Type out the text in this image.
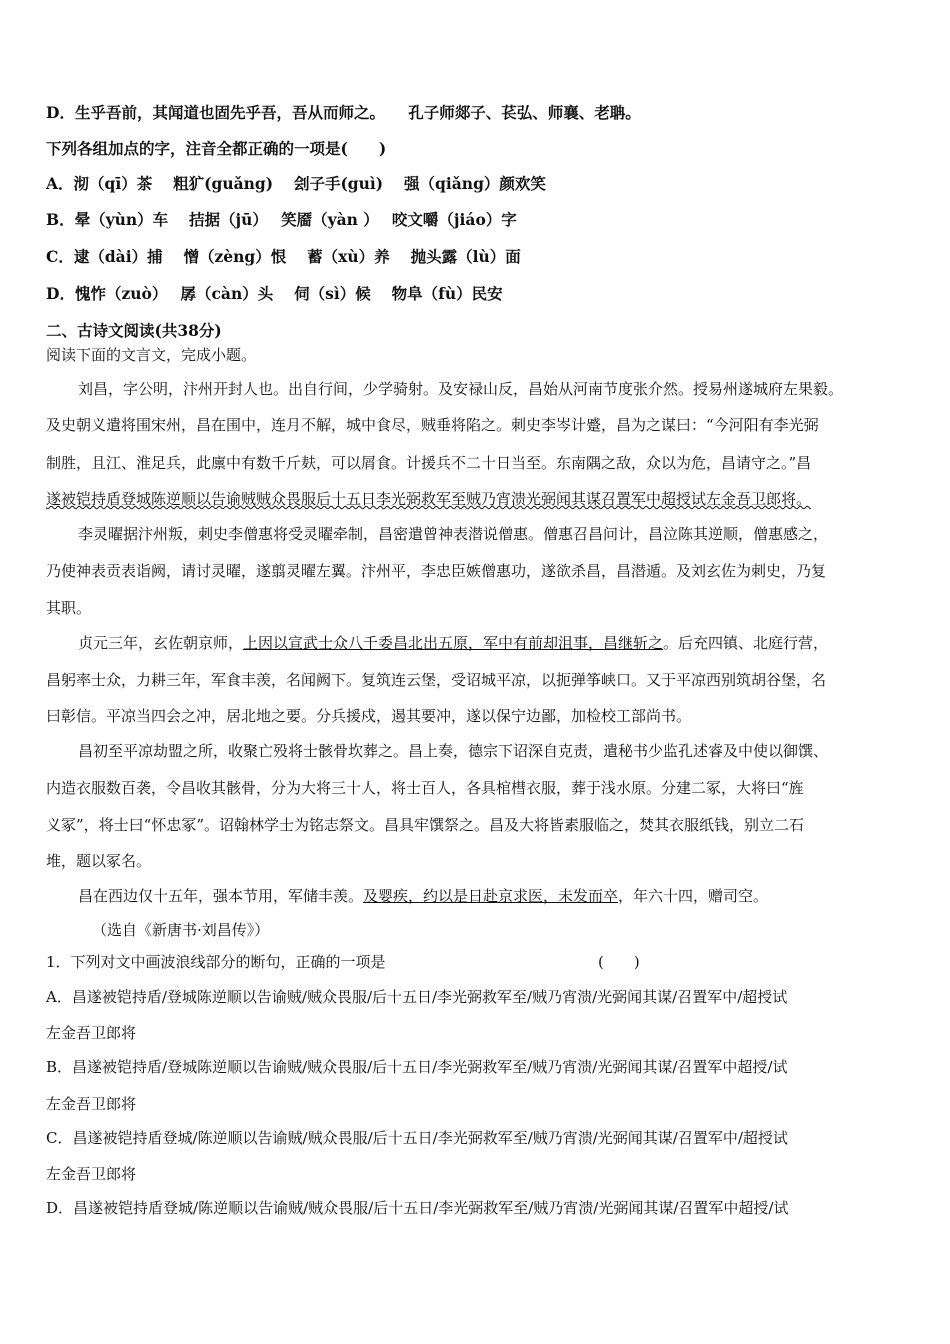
D．生乎吾前，其闻道也固先乎吾，吾从而师之。　　孔子师郯子、苌弘、师襄、老聃。
下列各组加点的字，注音全都正确的一项是(　　)
A．沏（qī）茶　 粗犷(guǎng)　 刽子手(guì)　 强（qiǎng）颜欢笑
B．晕（yùn）车　 拮据（jū）　 笑靥（yàn ）　 咬文嚼（jiáo）字
C．逮（dài）捕　 憎（zèng）恨　 蓄（xù）养　 抛头露（lù）面
D．愧怍（zuò）　 孱（càn）头　 伺（sì）候　 物阜（fù）民安
二、古诗文阅读(共38分)
阅读下面的文言文，完成小题。
刘昌，字公明，汴州开封人也。出自行间，少学骑射。及安禄山反，昌始从河南节度张介然。授易州遂城府左果毅。
及史朝义遣将围宋州，昌在围中，连月不解，城中食尽，贼垂将陷之。刺史李岑计蹙，昌为之谋曰：“今河阳有李光弼
制胜，且江、淮足兵，此廪中有数千斤麸，可以屑食。计援兵不二十日当至。东南隅之敌，众以为危，昌请守之。”昌
遂被铠持盾登城陈逆顺以告谕贼贼众畏服后十五日李光弼救军至贼乃宵溃光弼闻其谋召置军中超授试左金吾卫郎将。
李灵曜据汴州叛，刺史李僧惠将受灵曜牵制，昌密遣曾神表潜说僧惠。僧惠召昌问计，昌泣陈其逆顺，僧惠感之，
乃使神表贡表诣阙，请讨灵曜，遂翦灵曜左翼。汴州平，李忠臣嫉僧惠功，遂欲杀昌，昌潜遁。及刘玄佐为刺史，乃复
其职。
贞元三年，玄佐朝京师，上因以宣武士众八千委昌北出五原，军中有前却沮事，昌继斩之。后充四镇、北庭行营，
昌躬率士众，力耕三年，军食丰羡，名闻阙下。复筑连云堡，受诏城平凉，以扼弹筝峡口。又于平凉西别筑胡谷堡，名
曰彰信。平凉当四会之冲，居北地之要。分兵援戍，遏其要冲，遂以保宁边鄙，加检校工部尚书。
昌初至平凉劫盟之所，收聚亡殁将士骸骨坎葬之。昌上奏，德宗下诏深自克责，遣秘书少监孔述睿及中使以御馔、
内造衣服数百袭，令昌收其骸骨，分为大将三十人，将士百人，各具棺槥衣服，葬于浅水原。分建二冢，大将曰“旌
义冢”，将士曰“怀忠冢”。诏翰林学士为铭志祭文。昌具牢馔祭之。昌及大将皆素服临之，焚其衣服纸钱，别立二石
堆，题以冢名。
昌在西边仅十五年，强本节用，军储丰羡。及婴疾，约以是日赴京求医，未发而卒，年六十四，赠司空。
（选自《新唐书·刘昌传》）
1．下列对文中画波浪线部分的断句，正确的一项是	(　　)
A．昌遂被铠持盾/登城陈逆顺以告谕贼/贼众畏服/后十五日/李光弼救军至/贼乃宵溃/光弼闻其谋/召置军中/超授试
左金吾卫郎将
B．昌遂被铠持盾/登城陈逆顺以告谕贼/贼众畏服/后十五日/李光弼救军至/贼乃宵溃/光弼闻其谋/召置军中超授/试
左金吾卫郎将
C．昌遂被铠持盾登城/陈逆顺以告谕贼/贼众畏服/后十五日/李光弼救军至/贼乃宵溃/光弼闻其谋/召置军中/超授试
左金吾卫郎将
D．昌遂被铠持盾登城/陈逆顺以告谕贼/贼众畏服/后十五日/李光弼救军至/贼乃宵溃/光弼闻其谋/召置军中超授/试
